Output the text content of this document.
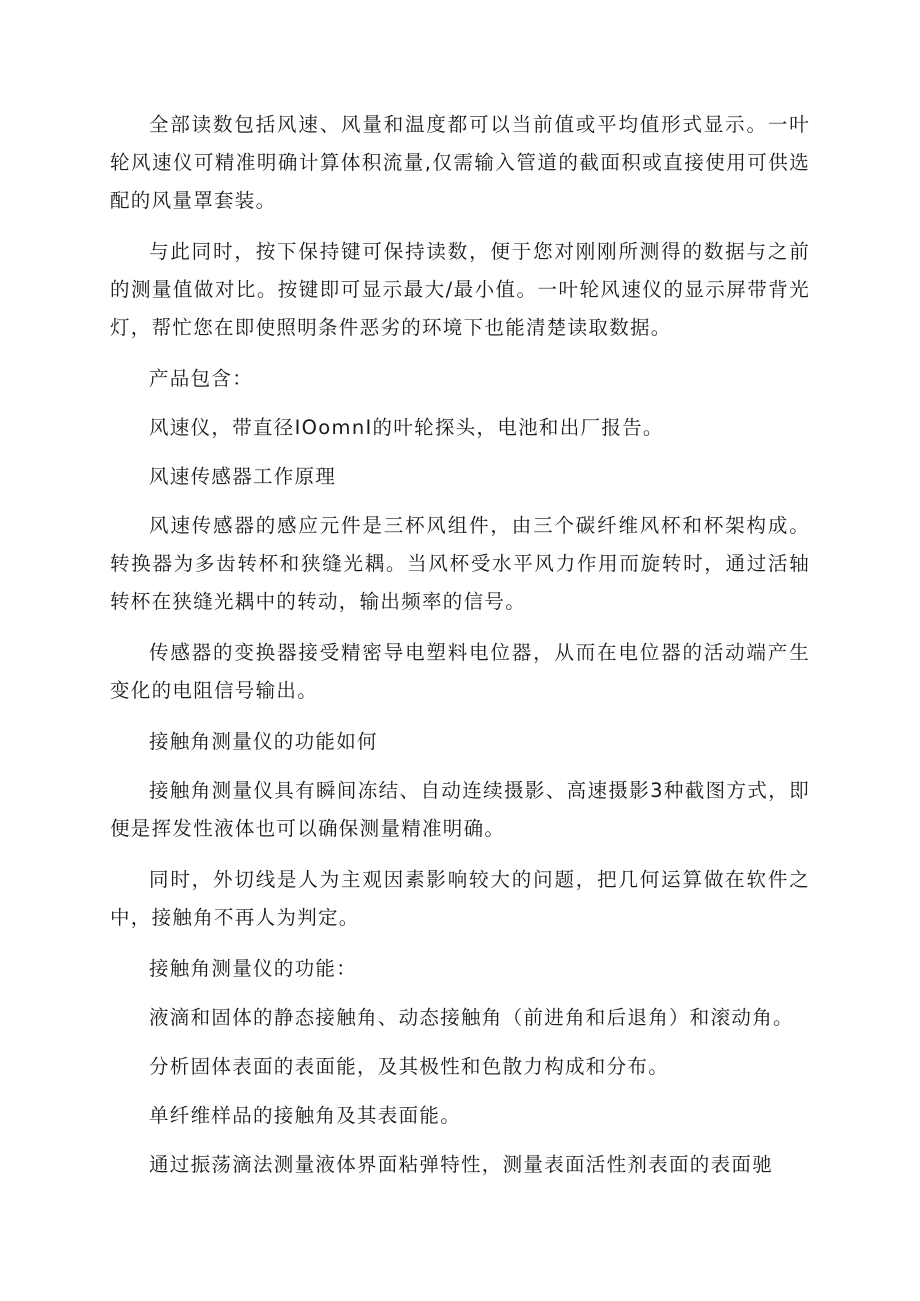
全部读数包括风速、风量和温度都可以当前值或平均值形式显示。一叶轮风速仪可精准明确计算体积流量,仅需输入管道的截面积或直接使用可供选配的风量罩套装。

与此同时，按下保持键可保持读数，便于您对刚刚所测得的数据与之前的测量值做对比。按键即可显示最大/最小值。一叶轮风速仪的显示屏带背光灯，帮忙您在即使照明条件恶劣的环境下也能清楚读取数据。

产品包含：

风速仪，带直径IOomnI的叶轮探头，电池和出厂报告。

风速传感器工作原理

风速传感器的感应元件是三杯风组件，由三个碳纤维风杯和杯架构成。转换器为多齿转杯和狭缝光耦。当风杯受水平风力作用而旋转时，通过活轴转杯在狭缝光耦中的转动，输出频率的信号。

传感器的变换器接受精密导电塑料电位器，从而在电位器的活动端产生变化的电阻信号输出。

接触角测量仪的功能如何

接触角测量仪具有瞬间冻结、自动连续摄影、高速摄影3种截图方式，即便是挥发性液体也可以确保测量精准明确。

同时，外切线是人为主观因素影响较大的问题，把几何运算做在软件之中，接触角不再人为判定。

接触角测量仪的功能：

液滴和固体的静态接触角、动态接触角（前进角和后退角）和滚动角。

分析固体表面的表面能，及其极性和色散力构成和分布。

单纤维样品的接触角及其表面能。

通过振荡滴法测量液体界面粘弹特性，测量表面活性剂表面的表面驰
